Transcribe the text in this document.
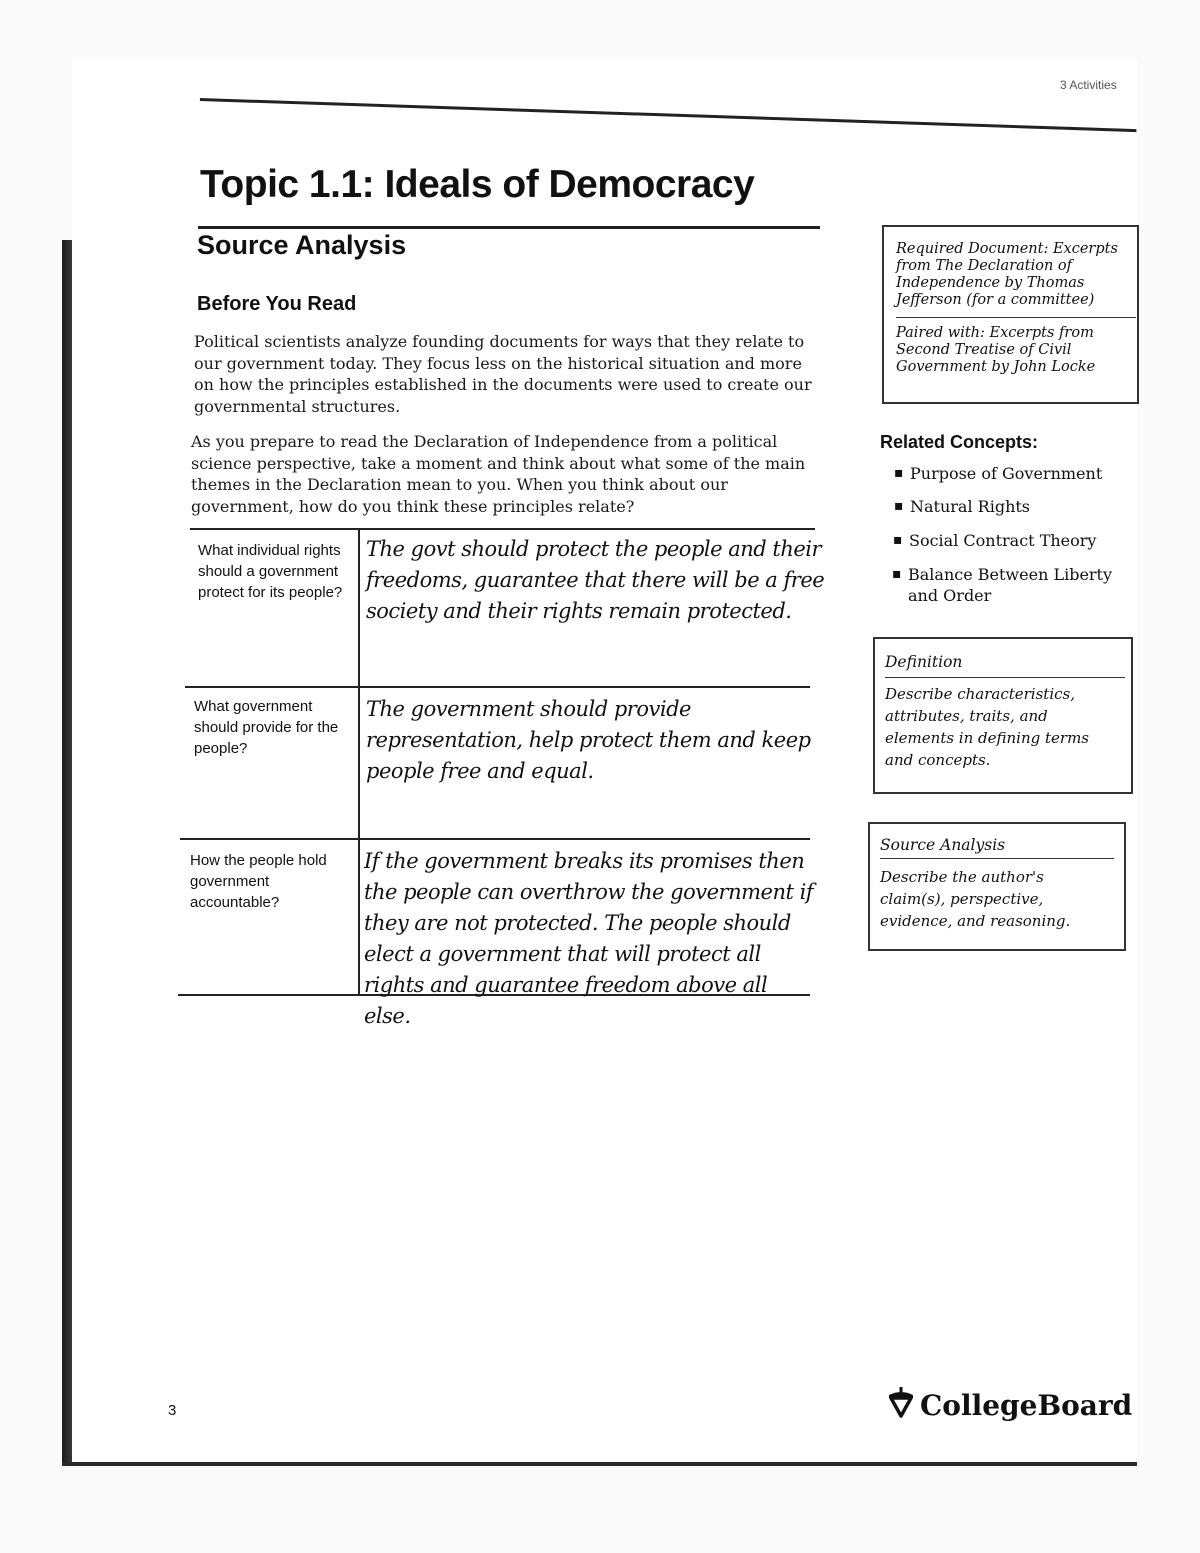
3 Activities
Topic 1.1: Ideals of Democracy
Source Analysis
Before You Read
Political scientists analyze founding documents for ways that they relate to our government today. They focus less on the historical situation and more on how the principles established in the documents were used to create our governmental structures.
As you prepare to read the Declaration of Independence from a political science perspective, take a moment and think about what some of the main themes in the Declaration mean to you. When you think about our government, how do you think these principles relate?
What individual rights should a government protect for its people?
The govt should protect the people and their freedoms, guarantee that there will be a free society and their rights remain protected.
What government should provide for the people?
The government should provide representation, help protect them and keep people free and equal.
How the people hold government accountable?
If the government breaks its promises then the people can overthrow the government if they are not protected. The people should elect a government that will protect all rights and guarantee freedom above all else.
Required Document: Excerpts from The Declaration of Independence by Thomas Jefferson (for a committee)
Paired with: Excerpts from Second Treatise of Civil Government by John Locke
Related Concepts:
▪ Purpose of Government
▪ Natural Rights
▪ Social Contract Theory
▪ Balance Between Liberty and Order
Definition
Describe characteristics, attributes, traits, and elements in defining terms and concepts.
Source Analysis
Describe the author's claim(s), perspective, evidence, and reasoning.
3	CollegeBoard
